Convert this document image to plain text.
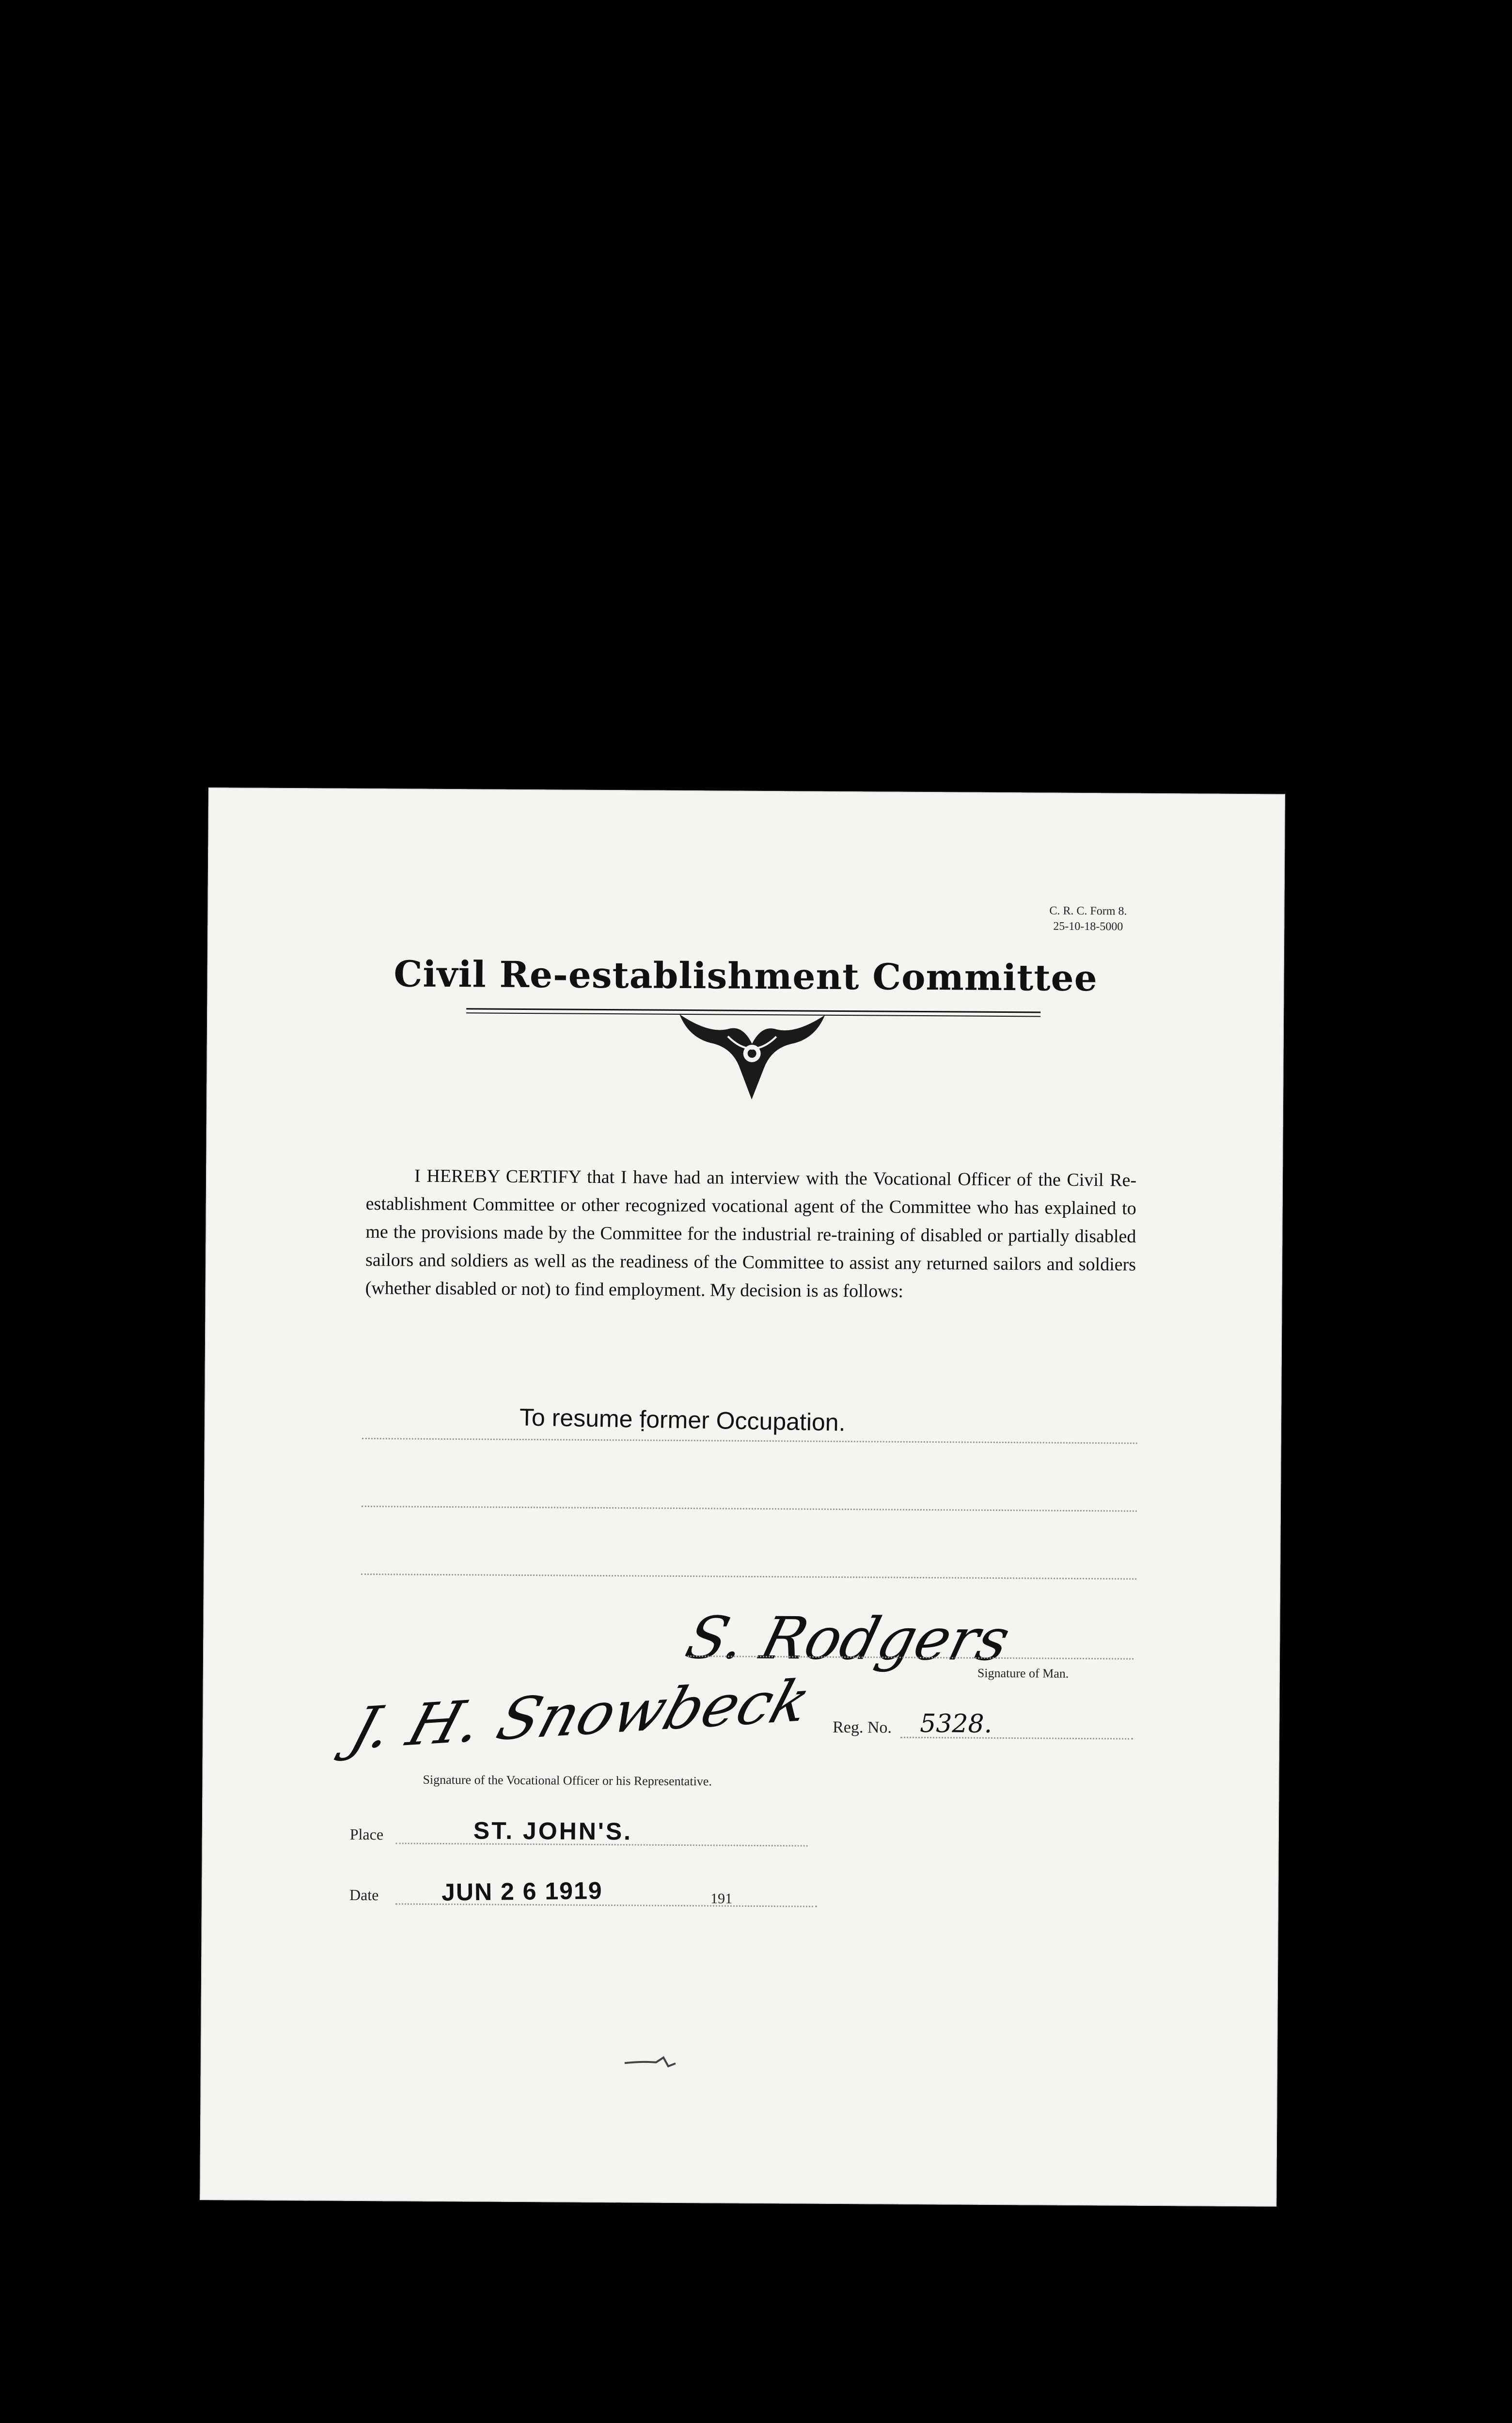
C. R. C. Form 8.
25-10-18-5000
Civil Re-establishment Committee
I HEREBY CERTIFY that I have had an interview with the Vocational Officer of the Civil Re-establishment Committee or other recognized vocational agent of the Committee who has explained to me the provisions made by the Committee for the industrial re-training of disabled or partially disabled sailors and soldiers as well as the readiness of the Committee to assist any returned sailors and soldiers (whether disabled or not) to find employment. My decision is as follows:
To resume f̣ormer Occupation.
S. Rodgers
Signature of Man.
Reg. No. 5328.
J. H. Snowbeck
Signature of the Vocational Officer or his Representative.
Place	ST. JOHN'S.
Date	JUN 2 6 1919	191
